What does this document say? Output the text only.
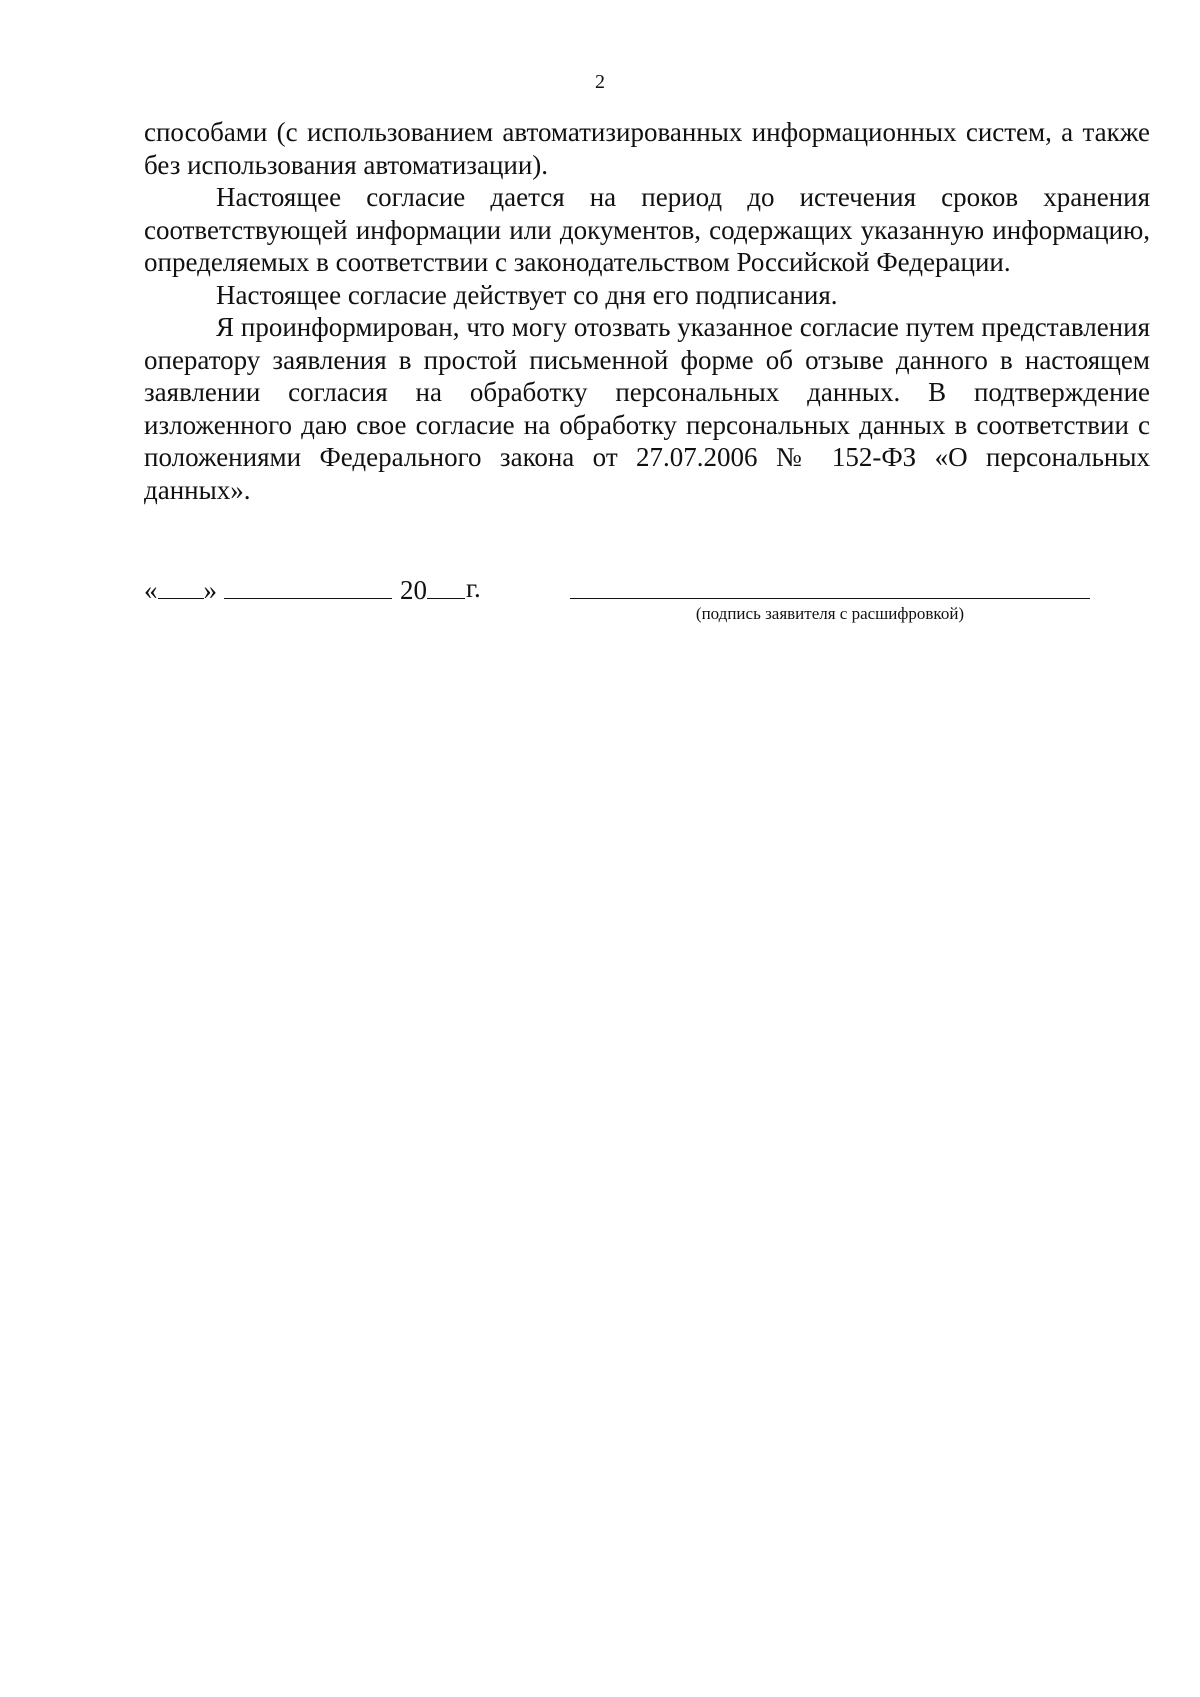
2

способами (с использованием автоматизированных информационных систем, а также без использования автоматизации).

Настоящее согласие дается на период до истечения сроков хранения соответствующей информации или документов, содержащих указанную информацию, определяемых в соответствии с законодательством Российской Федерации.

Настоящее согласие действует со дня его подписания.

Я проинформирован, что могу отозвать указанное согласие путем представления оператору заявления в простой письменной форме об отзыве данного в настоящем заявлении согласия на обработку персональных данных. В подтверждение изложенного даю свое согласие на обработку персональных данных в соответствии с положениями Федерального закона от 27.07.2006 № 152-ФЗ «О персональных данных».

« »	20	г.
(подпись заявителя с расшифровкой)
